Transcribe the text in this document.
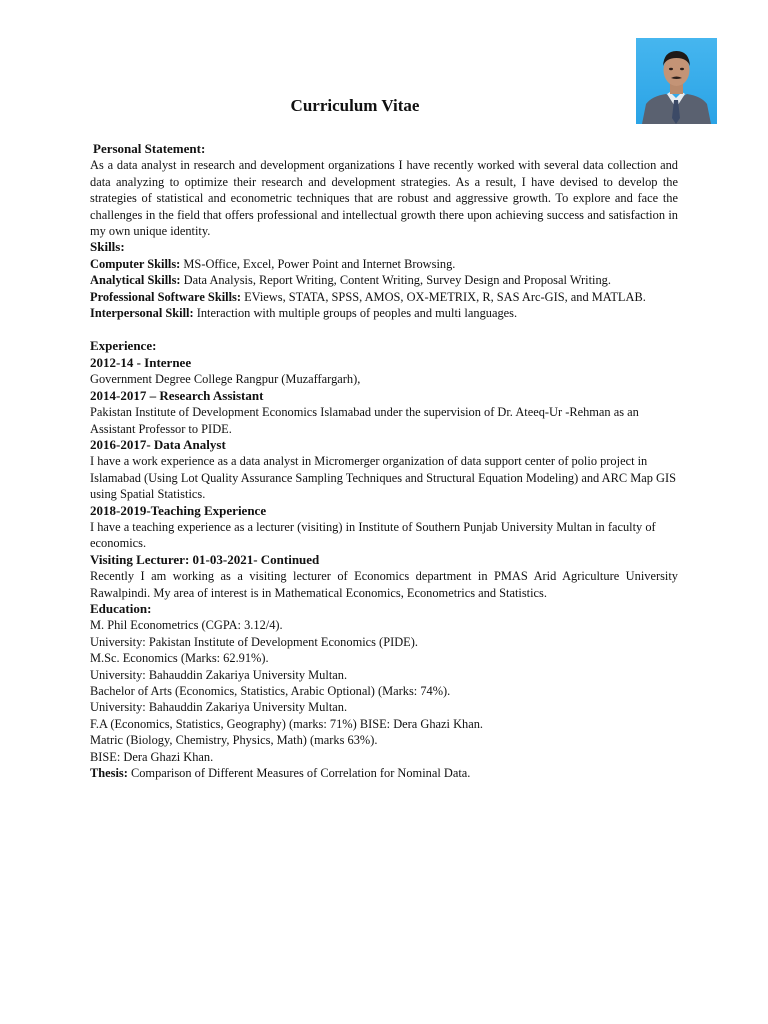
Curriculum Vitae

Personal Statement:

As a data analyst in research and development organizations I have recently worked with several data collection and data analyzing to optimize their research and development strategies. As a result, I have devised to develop the strategies of statistical and econometric techniques that are robust and aggressive growth. To explore and face the challenges in the field that offers professional and intellectual growth there upon achieving success and satisfaction in my own unique identity.

Skills:

Computer Skills: MS-Office, Excel, Power Point and Internet Browsing.

Analytical Skills: Data Analysis, Report Writing, Content Writing, Survey Design and Proposal Writing.

Professional Software Skills: EViews, STATA, SPSS, AMOS, OX-METRIX, R, SAS Arc-GIS, and MATLAB.

Interpersonal Skill: Interaction with multiple groups of peoples and multi languages.

Experience:

2012-14 - Internee

Government Degree College Rangpur (Muzaffargarh),

2014-2017 – Research Assistant

Pakistan Institute of Development Economics Islamabad under the supervision of Dr. Ateeq-Ur -Rehman as an Assistant Professor to PIDE.

2016-2017- Data Analyst

I have a work experience as a data analyst in Micromerger organization of data support center of polio project in Islamabad (Using Lot Quality Assurance Sampling Techniques and Structural Equation Modeling) and ARC Map GIS using Spatial Statistics.

2018-2019-Teaching Experience

I have a teaching experience as a lecturer (visiting) in Institute of Southern Punjab University Multan in faculty of economics.

Visiting Lecturer: 01-03-2021- Continued

Recently I am working as a visiting lecturer of Economics department in PMAS Arid Agriculture University Rawalpindi. My area of interest is in Mathematical Economics, Econometrics and Statistics.

Education:

M. Phil Econometrics (CGPA: 3.12/4).

University: Pakistan Institute of Development Economics (PIDE).

M.Sc. Economics (Marks: 62.91%).

University: Bahauddin Zakariya University Multan.

Bachelor of Arts (Economics, Statistics, Arabic Optional) (Marks: 74%).

University: Bahauddin Zakariya University Multan.

F.A (Economics, Statistics, Geography) (marks: 71%) BISE: Dera Ghazi Khan.

Matric (Biology, Chemistry, Physics, Math) (marks 63%).

BISE: Dera Ghazi Khan.

Thesis: Comparison of Different Measures of Correlation for Nominal Data.
